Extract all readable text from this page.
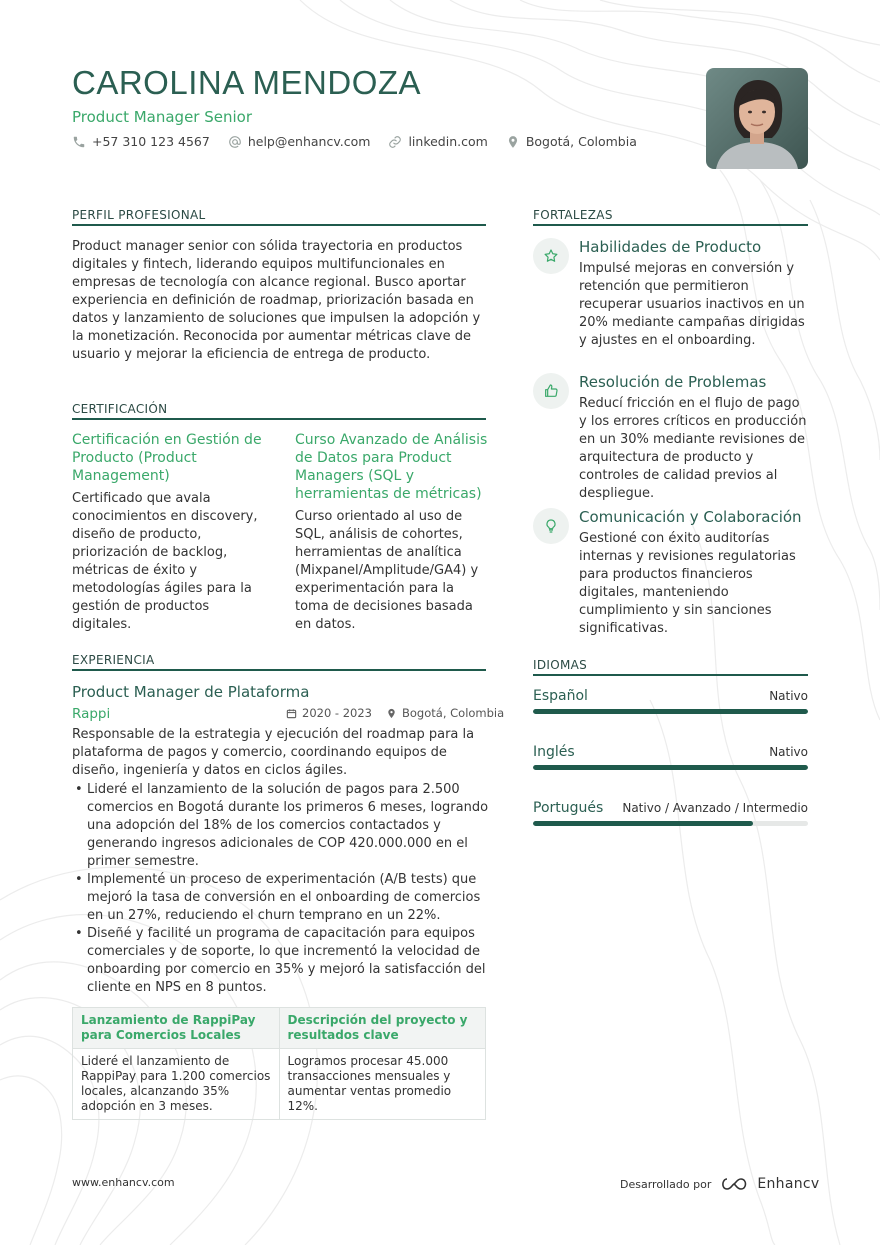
CAROLINA MENDOZA
Product Manager Senior
+57 310 123 4567	help@enhancv.com	linkedin.com	Bogotá, Colombia
PERFIL PROFESIONAL
Product manager senior con sólida trayectoria en productos digitales y fintech, liderando equipos multifuncionales en empresas de tecnología con alcance regional. Busco aportar experiencia en definición de roadmap, priorización basada en datos y lanzamiento de soluciones que impulsen la adopción y la monetización. Reconocida por aumentar métricas clave de usuario y mejorar la eficiencia de entrega de producto.
CERTIFICACIÓN
Certificación en Gestión de Producto (Product Management)
Certificado que avala conocimientos en discovery, diseño de producto, priorización de backlog, métricas de éxito y metodologías ágiles para la gestión de productos digitales.
Curso Avanzado de Análisis de Datos para Product Managers (SQL y herramientas de métricas)
Curso orientado al uso de SQL, análisis de cohortes, herramientas de analítica (Mixpanel/Amplitude/GA4) y experimentación para la toma de decisiones basada en datos.
EXPERIENCIA
Product Manager de Plataforma
Rappi	2020 - 2023	Bogotá, Colombia
Responsable de la estrategia y ejecución del roadmap para la plataforma de pagos y comercio, coordinando equipos de diseño, ingeniería y datos en ciclos ágiles.
• Lideré el lanzamiento de la solución de pagos para 2.500 comercios en Bogotá durante los primeros 6 meses, logrando una adopción del 18% de los comercios contactados y generando ingresos adicionales de COP 420.000.000 en el primer semestre.
• Implementé un proceso de experimentación (A/B tests) que mejoró la tasa de conversión en el onboarding de comercios en un 27%, reduciendo el churn temprano en un 22%.
• Diseñé y facilité un programa de capacitación para equipos comerciales y de soporte, lo que incrementó la velocidad de onboarding por comercio en 35% y mejoró la satisfacción del cliente en NPS en 8 puntos.
Lanzamiento de RappiPay para Comercios Locales	Descripción del proyecto y resultados clave
Lideré el lanzamiento de RappiPay para 1.200 comercios locales, alcanzando 35% adopción en 3 meses.	Logramos procesar 45.000 transacciones mensuales y aumentar ventas promedio 12%.
FORTALEZAS
Habilidades de Producto
Impulsé mejoras en conversión y retención que permitieron recuperar usuarios inactivos en un 20% mediante campañas dirigidas y ajustes en el onboarding.
Resolución de Problemas
Reducí fricción en el flujo de pago y los errores críticos en producción en un 30% mediante revisiones de arquitectura de producto y controles de calidad previos al despliegue.
Comunicación y Colaboración
Gestioné con éxito auditorías internas y revisiones regulatorias para productos financieros digitales, manteniendo cumplimiento y sin sanciones significativas.
IDIOMAS
Español	Nativo
Inglés	Nativo
Portugués Nativo / Avanzado / Intermedio
www.enhancv.com	Desarrollado por	Enhancv
